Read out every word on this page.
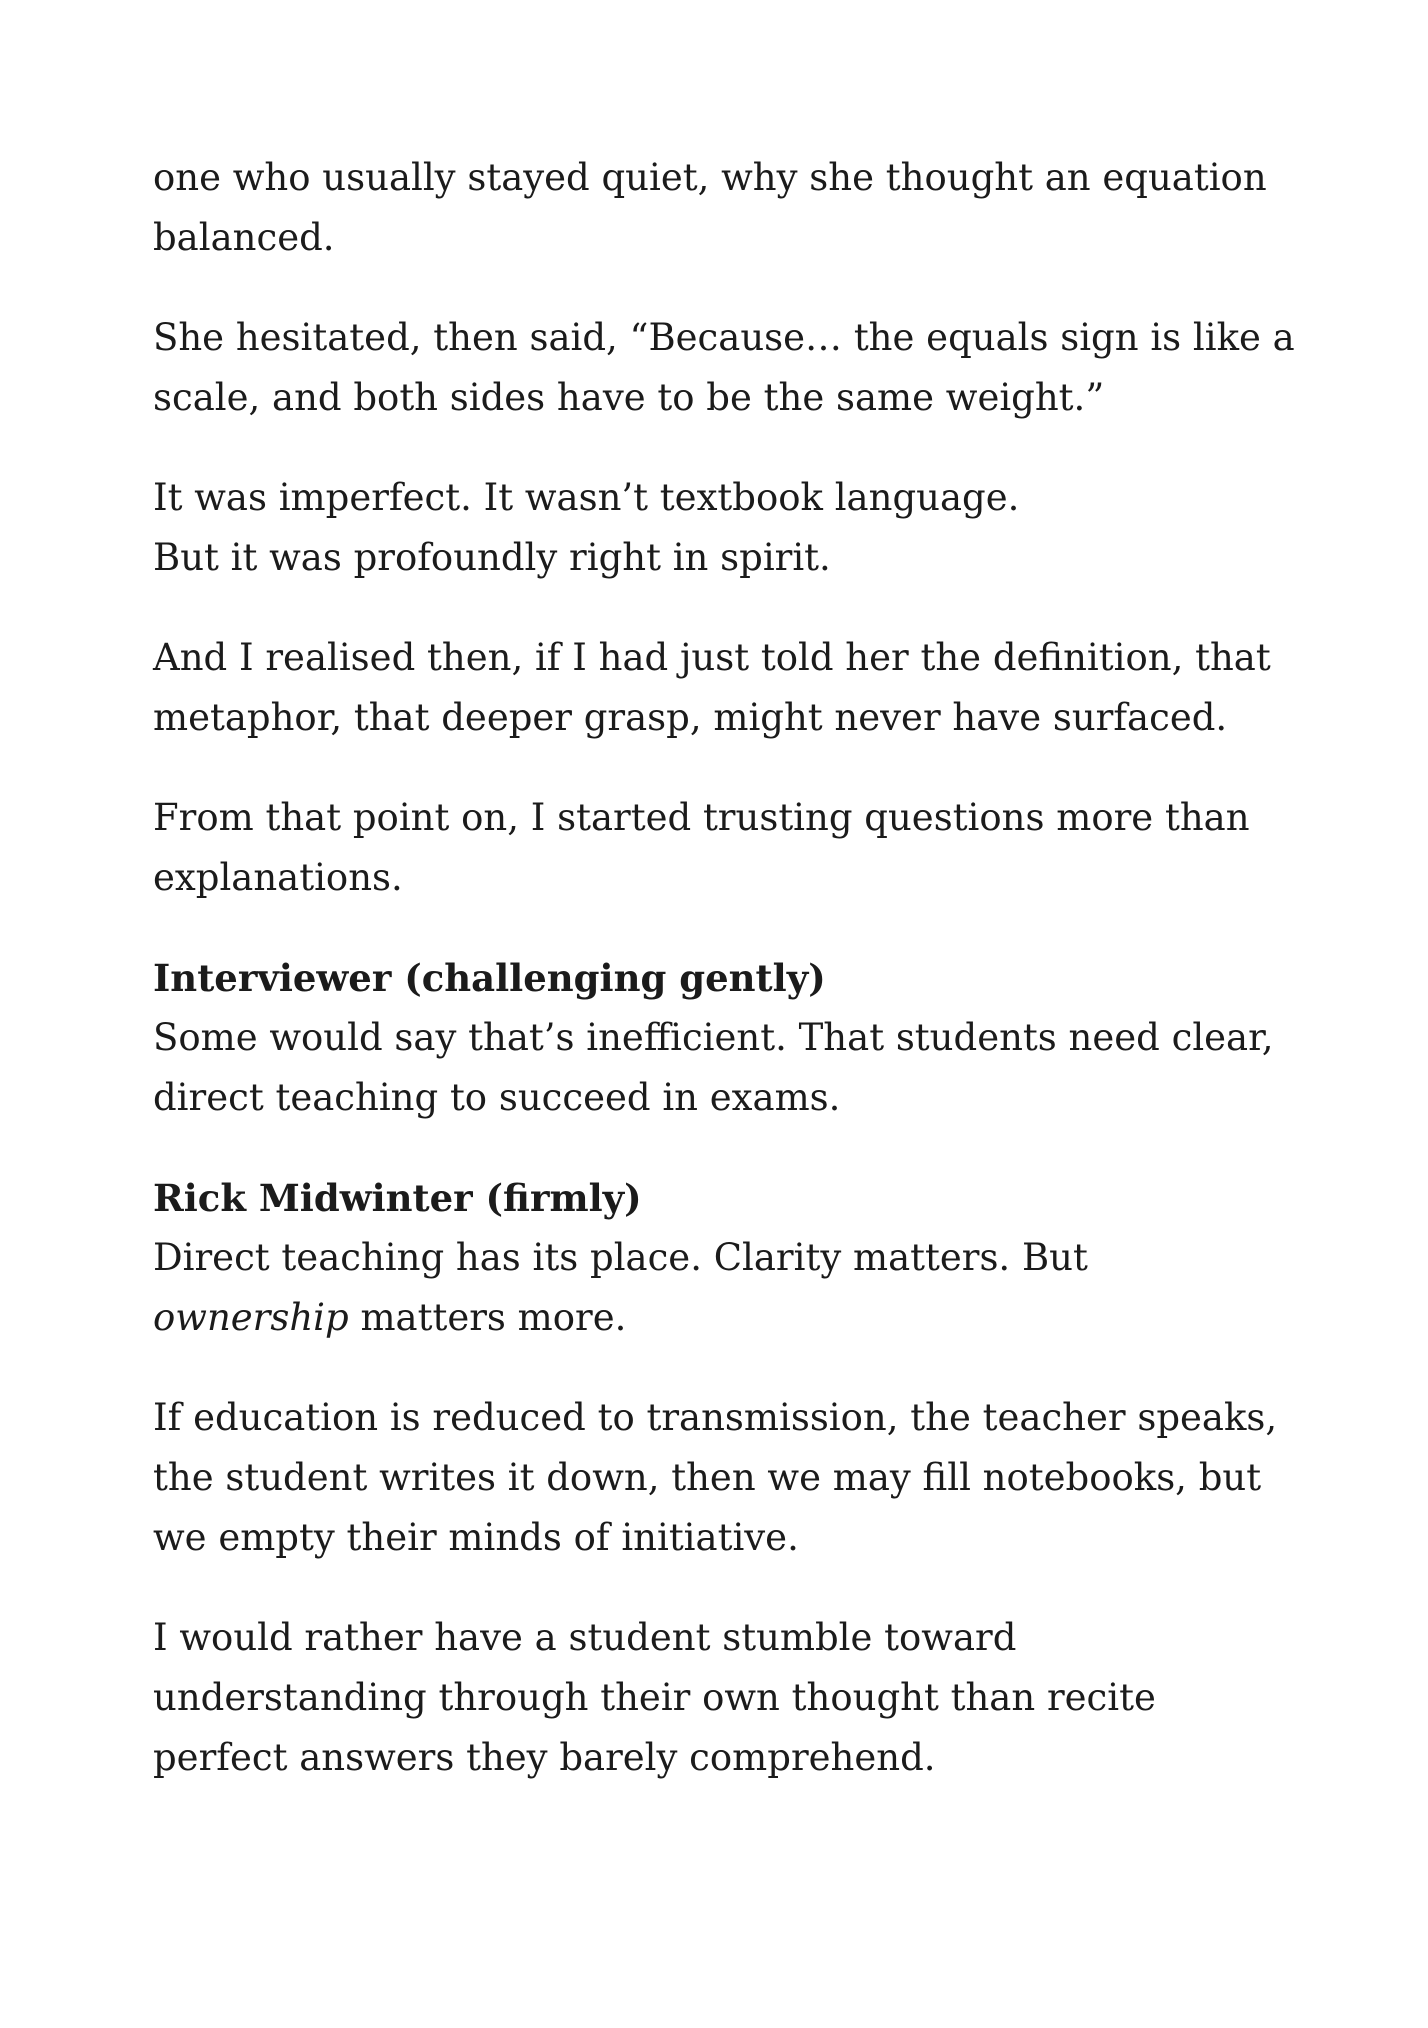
one who usually stayed quiet, why she thought an equation
balanced.

She hesitated, then said, “Because… the equals sign is like a
scale, and both sides have to be the same weight.”

It was imperfect. It wasn’t textbook language.
But it was profoundly right in spirit.

And I realised then, if I had just told her the definition, that
metaphor, that deeper grasp, might never have surfaced.

From that point on, I started trusting questions more than
explanations.

Interviewer (challenging gently)
Some would say that’s inefficient. That students need clear,
direct teaching to succeed in exams.
Rick Midwinter (firmly)
Direct teaching has its place. Clarity matters. But
ownership matters more.

If education is reduced to transmission, the teacher speaks,
the student writes it down, then we may fill notebooks, but
we empty their minds of initiative.

I would rather have a student stumble toward
understanding through their own thought than recite
perfect answers they barely comprehend.
